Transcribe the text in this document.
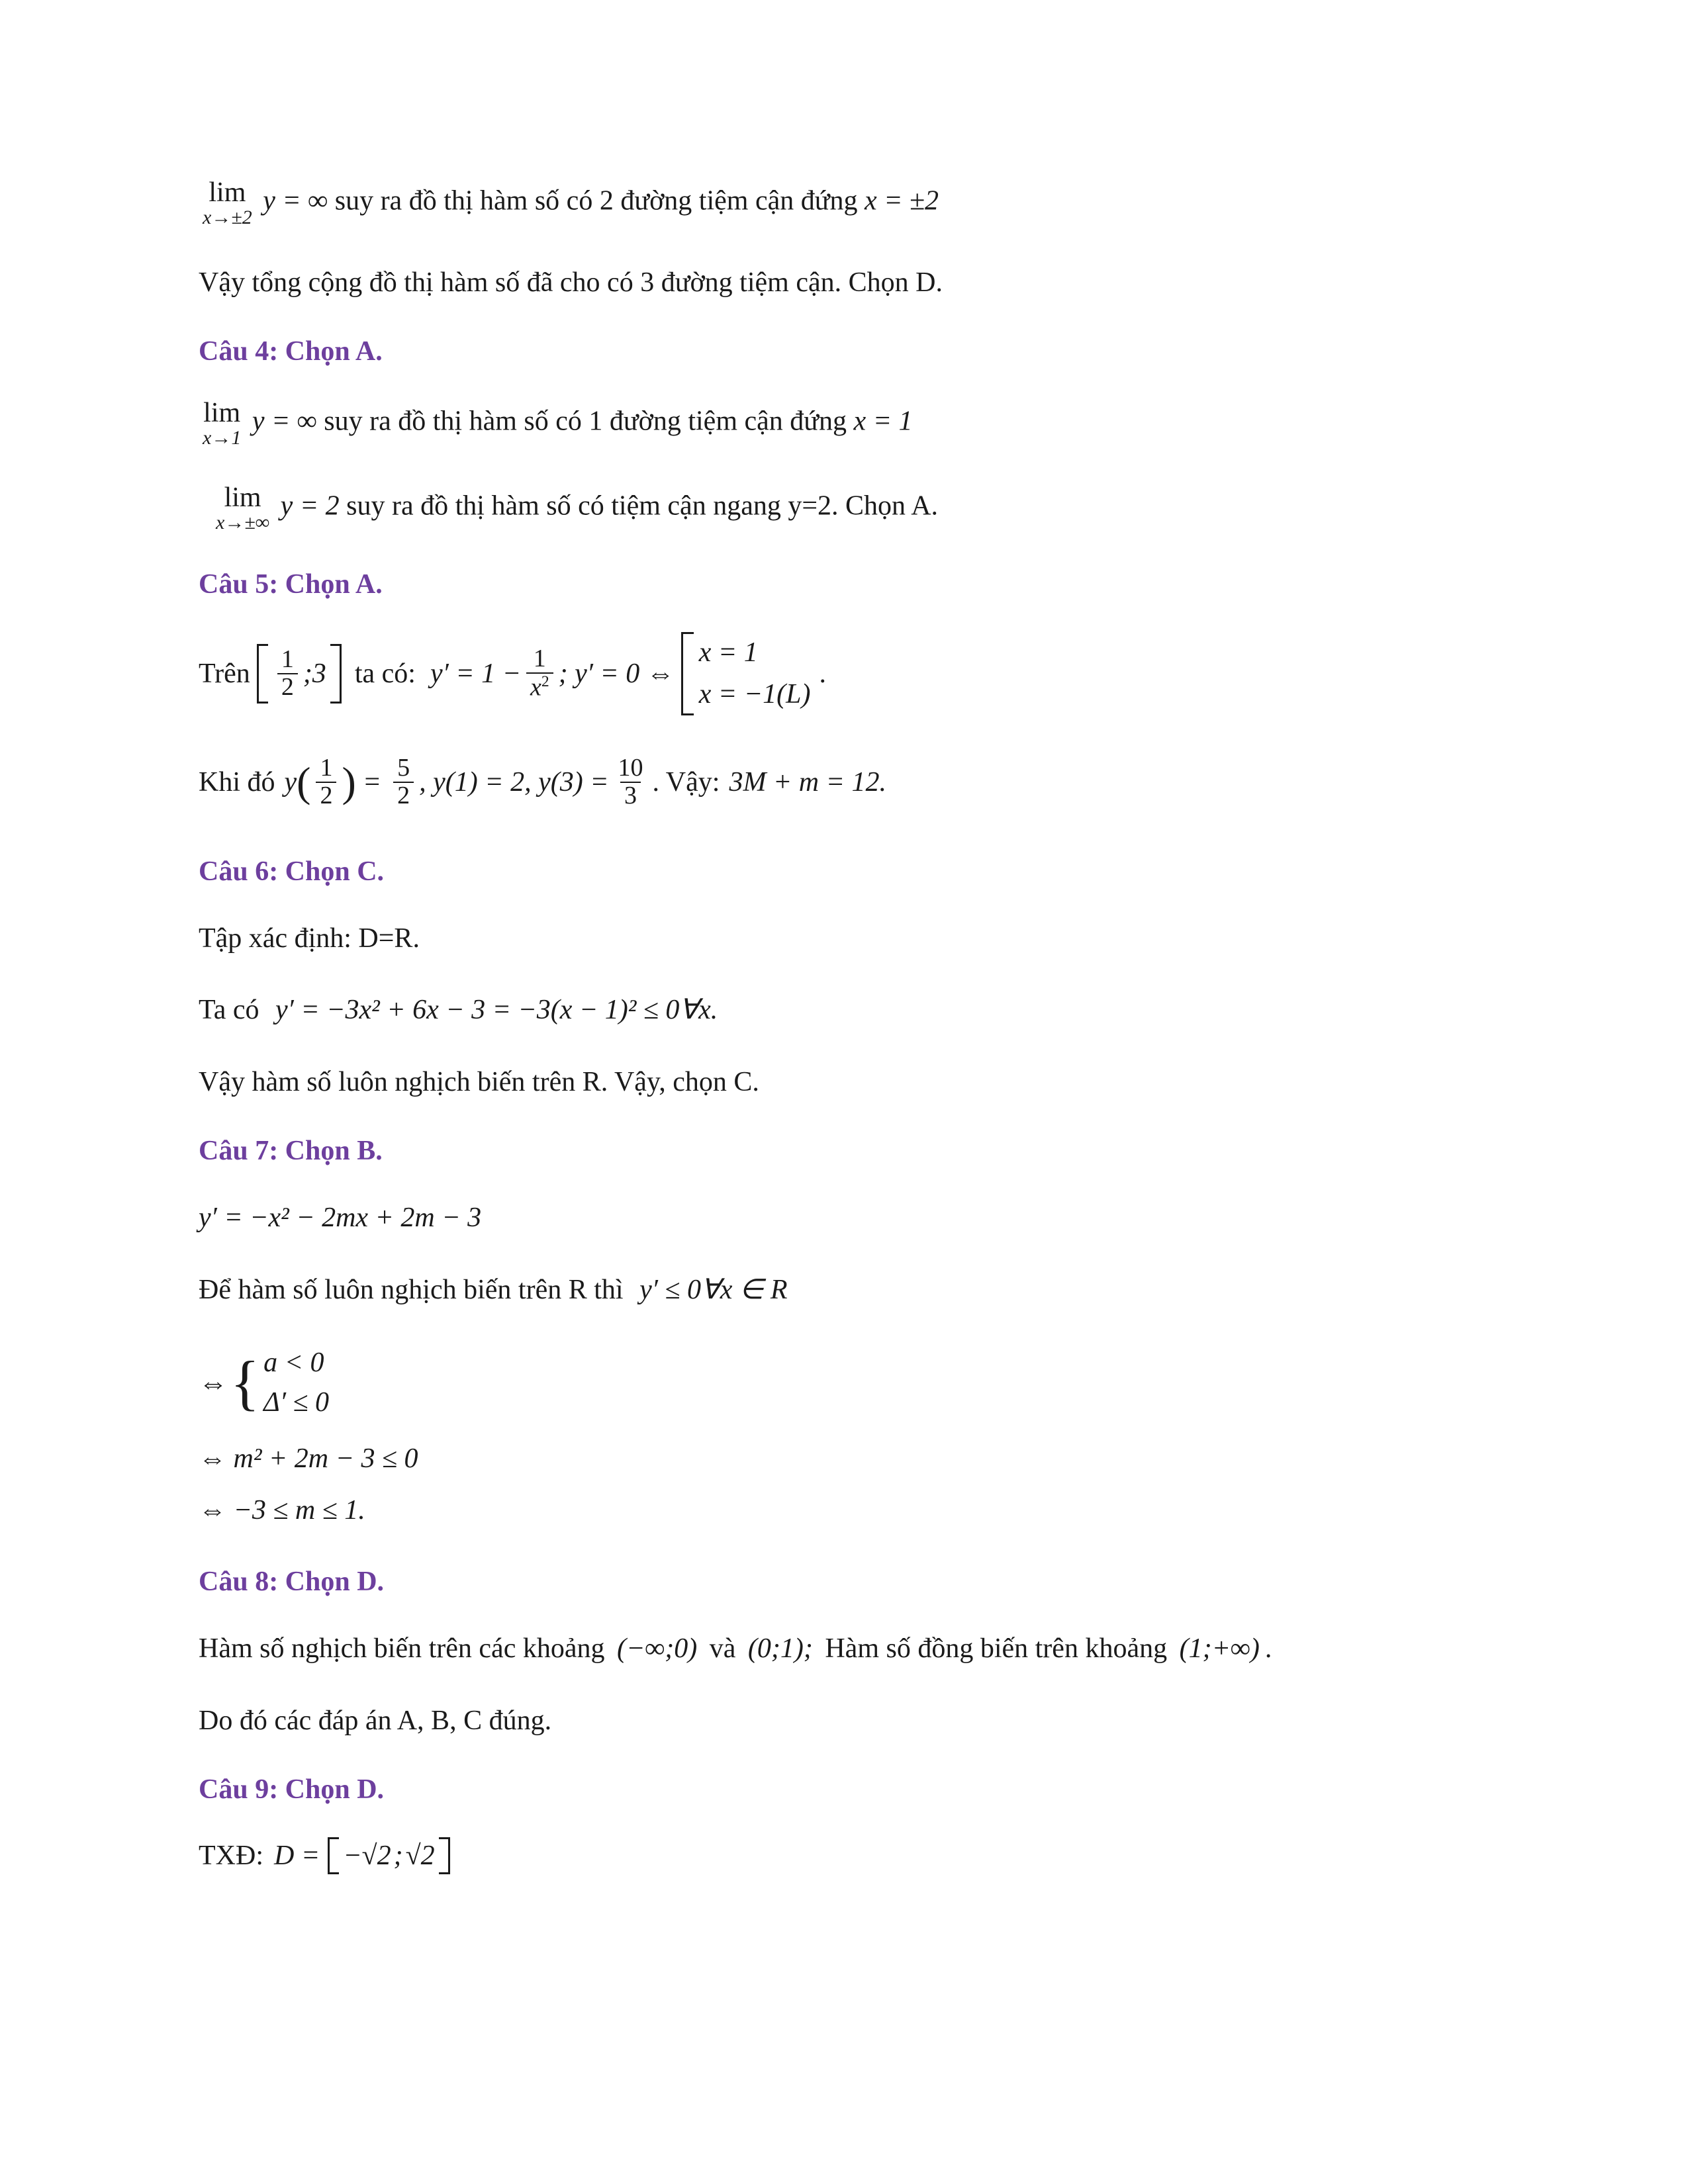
lim
x→±2
y = ∞ suy ra đồ thị hàm số có 2 đường tiệm cận đứng x = ±2
Vậy tổng cộng đồ thị hàm số đã cho có 3 đường tiệm cận. Chọn D.
Câu 4: Chọn A.
lim
x→1
y = ∞ suy ra đồ thị hàm số có 1 đường tiệm cận đứng x = 1
lim
x→±∞
y = 2 suy ra đồ thị hàm số có tiệm cận ngang y=2. Chọn A.
Câu 5: Chọn A.
Trên $\frac{1}{2}$ ;3 ta có: $y' = 1 - \frac{1}{x^2}$ ; y′ = 0 ⇔
x = 1
x = −1(L)
.
Khi đó y ( $\frac{1}{2}$ ) = $\frac{5}{2}$ , y(1) = 2, $y(3) = \frac{10}{3}$ . Vậy: 3M + m = 12.
Câu 6: Chọn C.
Tập xác định: D=R.
Ta có y′ = −3x² + 6x − 3 = −3(x − 1)² ≤ 0∀x.
Vậy hàm số luôn nghịch biến trên R. Vậy, chọn C.
Câu 7: Chọn B.
y′ = −x² − 2mx + 2m − 3
Để hàm số luôn nghịch biến trên R thì y′ ≤ 0∀x ∈ R
⇔ { a < 0
Δ′ ≤ 0
⇔ m² + 2m − 3 ≤ 0
⇔ −3 ≤ m ≤ 1.
Câu 8: Chọn D.
Hàm số nghịch biến trên các khoảng (−∞;0) và (0;1); Hàm số đồng biến trên khoảng (1;+∞) .
Do đó các đáp án A, B, C đúng.
Câu 9: Chọn D.
TXĐ: D = −√2 ; √2
